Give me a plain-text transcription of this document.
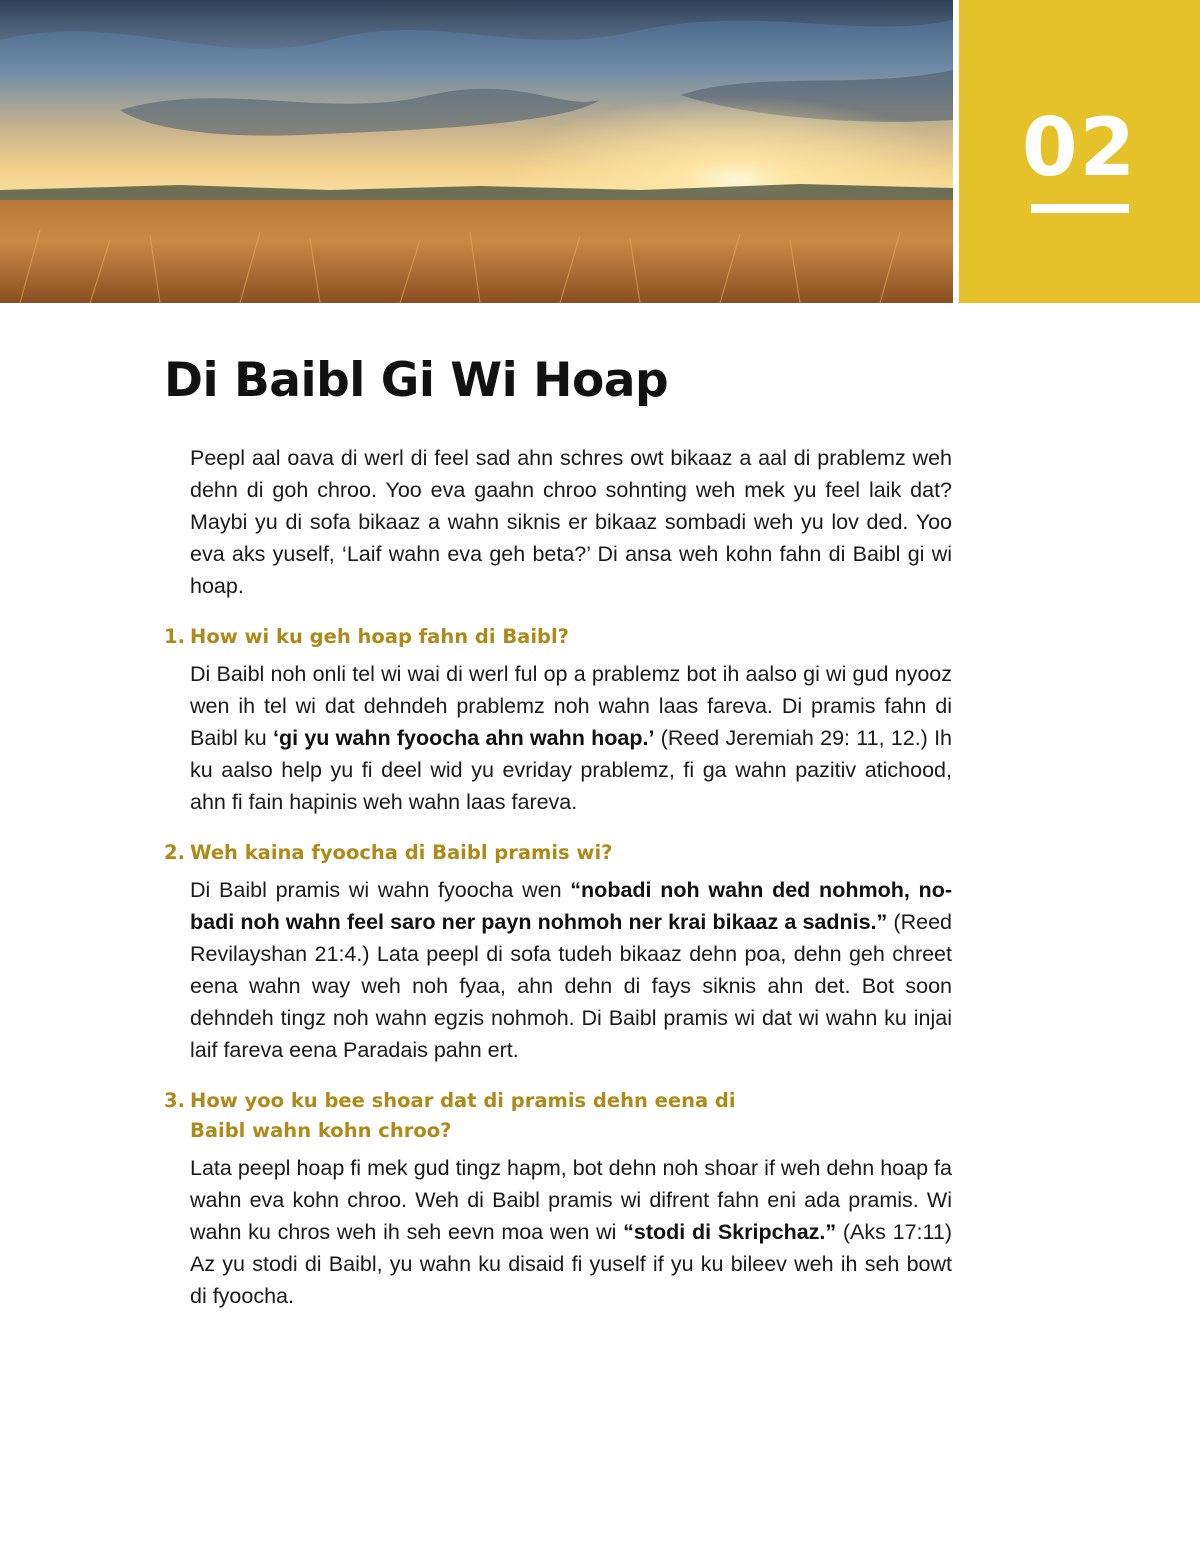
02
Di Baibl Gi Wi Hoap

Peepl aal oava di werl di feel sad ahn schres owt bikaaz a aal di prablemz weh dehn di goh chroo. Yoo eva gaahn chroo sohnting weh mek yu feel laik dat? Maybi yu di sofa bikaaz a wahn siknis er bikaaz sombadi weh yu lov ded. Yoo eva aks yuself, ‘Laif wahn eva geh beta?’ Di ansa weh kohn fahn di Baibl gi wi hoap.

1. How wi ku geh hoap fahn di Baibl?

Di Baibl noh onli tel wi wai di werl ful op a prablemz bot ih aalso gi wi gud nyooz wen ih tel wi dat dehndeh prablemz noh wahn laas fareva. Di pramis fahn di Baibl ku ‘gi yu wahn fyoocha ahn wahn hoap.’ (Reed Jeremiah 29: 11, 12.) Ih ku aalso help yu fi deel wid yu evriday prablemz, fi ga wahn pazitiv atichood, ahn fi fain hapinis weh wahn laas fareva.

2. Weh kaina fyoocha di Baibl pramis wi?

Di Baibl pramis wi wahn fyoocha wen “nobadi noh wahn ded nohmoh, nobadi noh wahn feel saro ner payn nohmoh ner krai bikaaz a sadnis.” (Reed Revilayshan 21:4.) Lata peepl di sofa tudeh bikaaz dehn poa, dehn geh chreet eena wahn way weh noh fyaa, ahn dehn di fays siknis ahn det. Bot soon dehndeh tingz noh wahn egzis nohmoh. Di Baibl pramis wi dat wi wahn ku injai laif fareva eena Paradais pahn ert.

3. How yoo ku bee shoar dat di pramis dehn eena di Baibl wahn kohn chroo?

Lata peepl hoap fi mek gud tingz hapm, bot dehn noh shoar if weh dehn hoap fa wahn eva kohn chroo. Weh di Baibl pramis wi difrent fahn eni ada pramis. Wi wahn ku chros weh ih seh eevn moa wen wi “stodi di Skripchaz.” (Aks 17:11) Az yu stodi di Baibl, yu wahn ku disaid fi yuself if yu ku bileev weh ih seh bowt di fyoocha.
